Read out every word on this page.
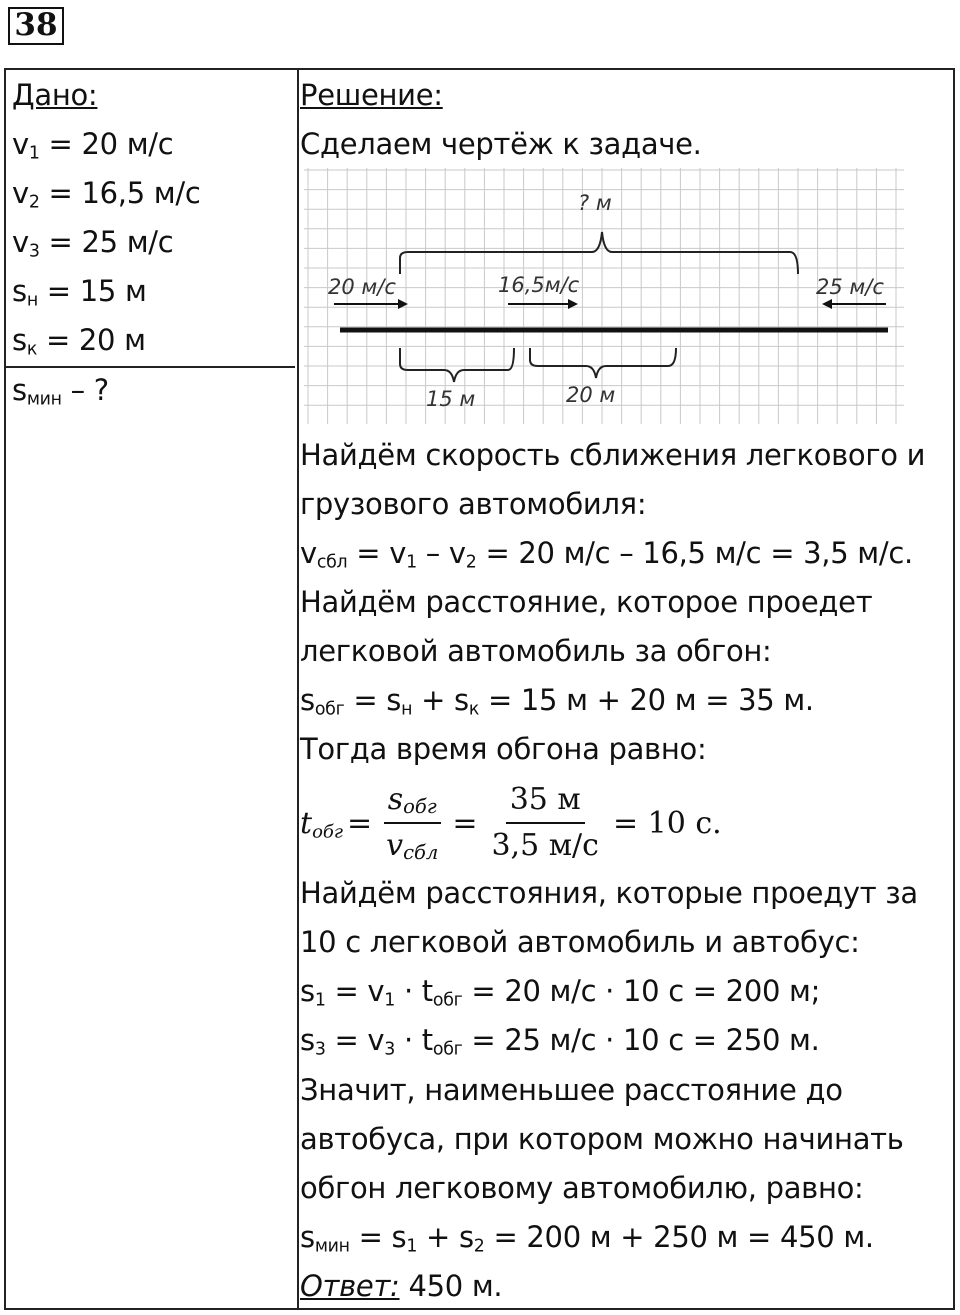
38
Дано:
$v_1 = 20$ м/с
$v_2 = 16,5$ м/с
$v_3 = 25$ м/с
$s_н = 15$ м
$s_к = 20$ м
$s_{мин}$ – ?
Решение:
Сделаем чертёж к задаче.
? м
20 м/с	16,5м/с	25 м/с
15 м	20 м
Найдём скорость сближения легкового и
грузового автомобиля:
$v_{сбл} = v_1 - v_2 = 20$ м/с – 16,5 м/с = 3,5 м/с.
Найдём расстояние, которое проедет
легковой автомобиль за обгон:
$s_{обг} = s_н + s_к = 15$ м + 20 м = 35 м.
Тогда время обгона равно:
$t_{обг} = \frac{s_{обг}}{v_{сбл}} = \frac{35 м}{3,5 м/с} = 10$ с.
Найдём расстояния, которые проедут за
10 с легковой автомобиль и автобус:
$s_1 = v_1 \cdot t_{обг} = 20$ м/с · 10 с = 200 м;
$s_3 = v_3 \cdot t_{обг} = 25$ м/с · 10 с = 250 м.
Значит, наименьшее расстояние до
автобуса, при котором можно начинать
обгон легковому автомобилю, равно:
$s_{мин} = s_1 + s_2 = 200$ м + 250 м = 450 м.
Ответ: 450 м.
